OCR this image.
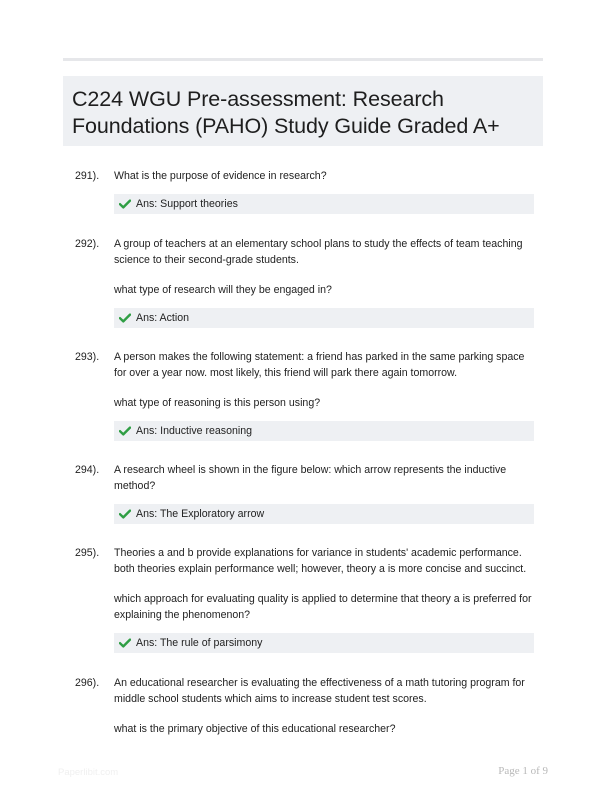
C224 WGU Pre-assessment: Research Foundations (PAHO) Study Guide Graded A+
291). What is the purpose of evidence in research?

Ans: Support theories
292). A group of teachers at an elementary school plans to study the effects of team teaching science to their second-grade students.

what type of research will they be engaged in?

Ans: Action
293). A person makes the following statement: a friend has parked in the same parking space for over a year now. most likely, this friend will park there again tomorrow.

what type of reasoning is this person using?

Ans: Inductive reasoning
294). A research wheel is shown in the figure below: which arrow represents the inductive method?

Ans: The Exploratory arrow
295). Theories a and b provide explanations for variance in students' academic performance. both theories explain performance well; however, theory a is more concise and succinct.

which approach for evaluating quality is applied to determine that theory a is preferred for explaining the phenomenon?

Ans: The rule of parsimony
296). An educational researcher is evaluating the effectiveness of a math tutoring program for middle school students which aims to increase student test scores.

what is the primary objective of this educational researcher?

Paperlibit.com	Page 1 of 9
